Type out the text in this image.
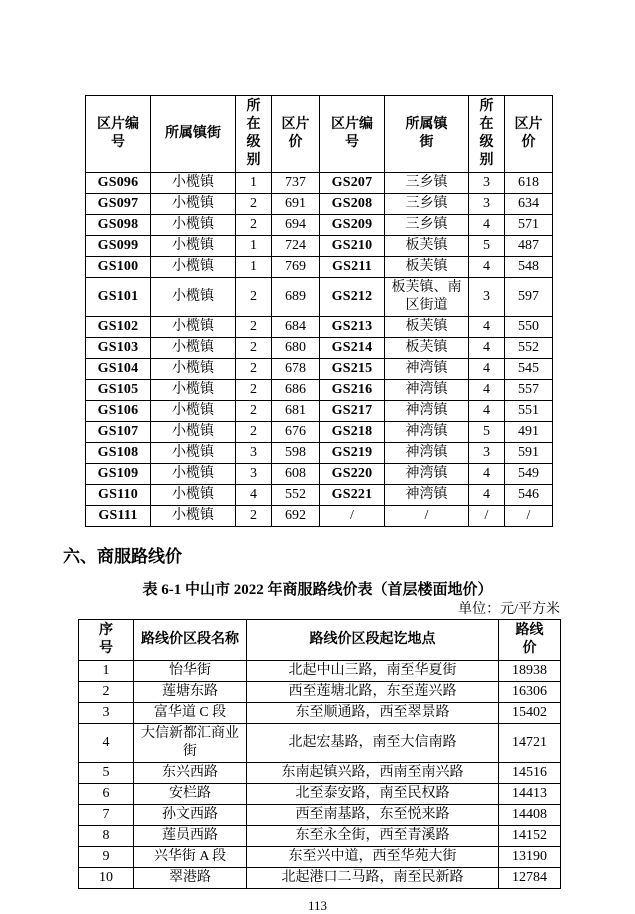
区片编号	所属镇街	所在级别	区片价	区片编号	所属镇街	所在级别	区片价
GS096	小榄镇	1	737	GS207	三乡镇	3	618
GS097	小榄镇	2	691	GS208	三乡镇	3	634
GS098	小榄镇	2	694	GS209	三乡镇	4	571
GS099	小榄镇	1	724	GS210	板芙镇	5	487
GS100	小榄镇	1	769	GS211	板芙镇	4	548
GS101	小榄镇	2	689	GS212	板芙镇、南区街道	3	597
GS102	小榄镇	2	684	GS213	板芙镇	4	550
GS103	小榄镇	2	680	GS214	板芙镇	4	552
GS104	小榄镇	2	678	GS215	神湾镇	4	545
GS105	小榄镇	2	686	GS216	神湾镇	4	557
GS106	小榄镇	2	681	GS217	神湾镇	4	551
GS107	小榄镇	2	676	GS218	神湾镇	5	491
GS108	小榄镇	3	598	GS219	神湾镇	3	591
GS109	小榄镇	3	608	GS220	神湾镇	4	549
GS110	小榄镇	4	552	GS221	神湾镇	4	546
GS111	小榄镇	2	692	/	/	/	/
六、商服路线价
表 6-1 中山市 2022 年商服路线价表（首层楼面地价）
单位：元/平方米
序号	路线价区段名称	路线价区段起讫地点	路线价
1	怡华街	北起中山三路，南至华夏街	18938
2	莲塘东路	西至莲塘北路，东至莲兴路	16306
3	富华道 C 段	东至顺通路，西至翠景路	15402
4	大信新都汇商业街	北起宏基路，南至大信南路	14721
5	东兴西路	东南起镇兴路，西南至南兴路	14516
6	安栏路	北至泰安路，南至民权路	14413
7	孙文西路	西至南基路，东至悦来路	14408
8	莲员西路	东至永全街，西至青溪路	14152
9	兴华街 A 段	东至兴中道，西至华苑大街	13190
10	翠港路	北起港口二马路，南至民新路	12784
113
